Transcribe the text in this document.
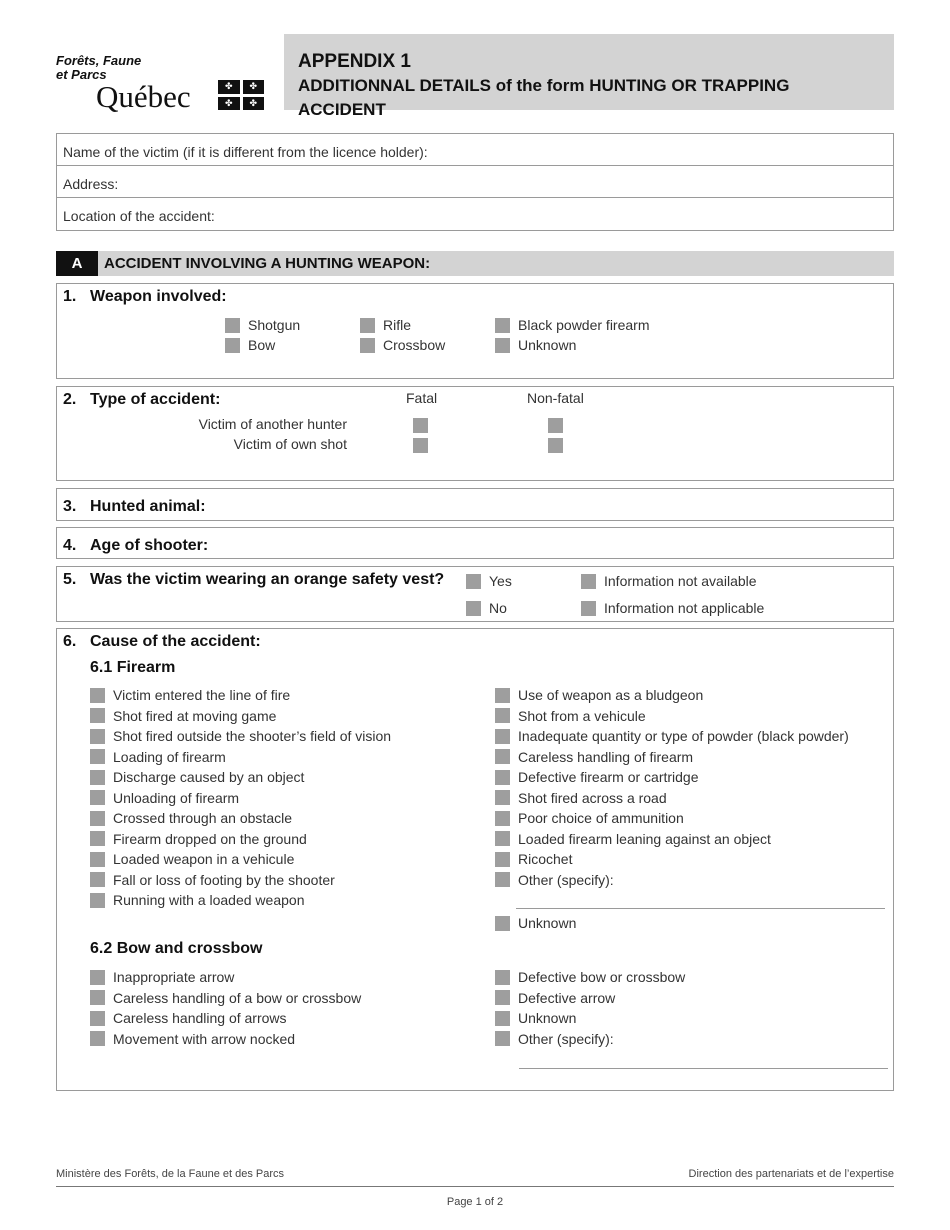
Forêts, Faune
et Parcs
Québec	✤	✤
✤	✤
APPENDIX 1
ADDITIONNAL DETAILS of the form HUNTING OR TRAPPING ACCIDENT
Name of the victim (if it is different from the licence holder):
Address:
Location of the accident:
A	ACCIDENT INVOLVING A HUNTING WEAPON:
1. Weapon involved:
Shotgun
Bow
Rifle
Crossbow
Black powder firearm
Unknown
2. Type of accident:	Fatal	Non-fatal
Victim of another hunter
Victim of own shot
3. Hunted animal:
4. Age of shooter:
5. Was the victim wearing an orange safety vest?	Yes
No
Information not available
Information not applicable
6. Cause of the accident:
6.1 Firearm
Victim entered the line of fire
Shot fired at moving game
Shot fired outside the shooter’s field of vision
Loading of firearm
Discharge caused by an object
Unloading of firearm
Crossed through an obstacle
Firearm dropped on the ground
Loaded weapon in a vehicule
Fall or loss of footing by the shooter
Running with a loaded weapon
Use of weapon as a bludgeon
Shot from a vehicule
Inadequate quantity or type of powder (black powder)
Careless handling of firearm
Defective firearm or cartridge
Shot fired across a road
Poor choice of ammunition
Loaded firearm leaning against an object
Ricochet
Other (specify):
Unknown
6.2 Bow and crossbow
Inappropriate arrow
Careless handling of a bow or crossbow
Careless handling of arrows
Movement with arrow nocked
Defective bow or crossbow
Defective arrow
Unknown
Other (specify):
Ministère des Forêts, de la Faune et des Parcs	Direction des partenariats et de l’expertise
Page 1 of 2
